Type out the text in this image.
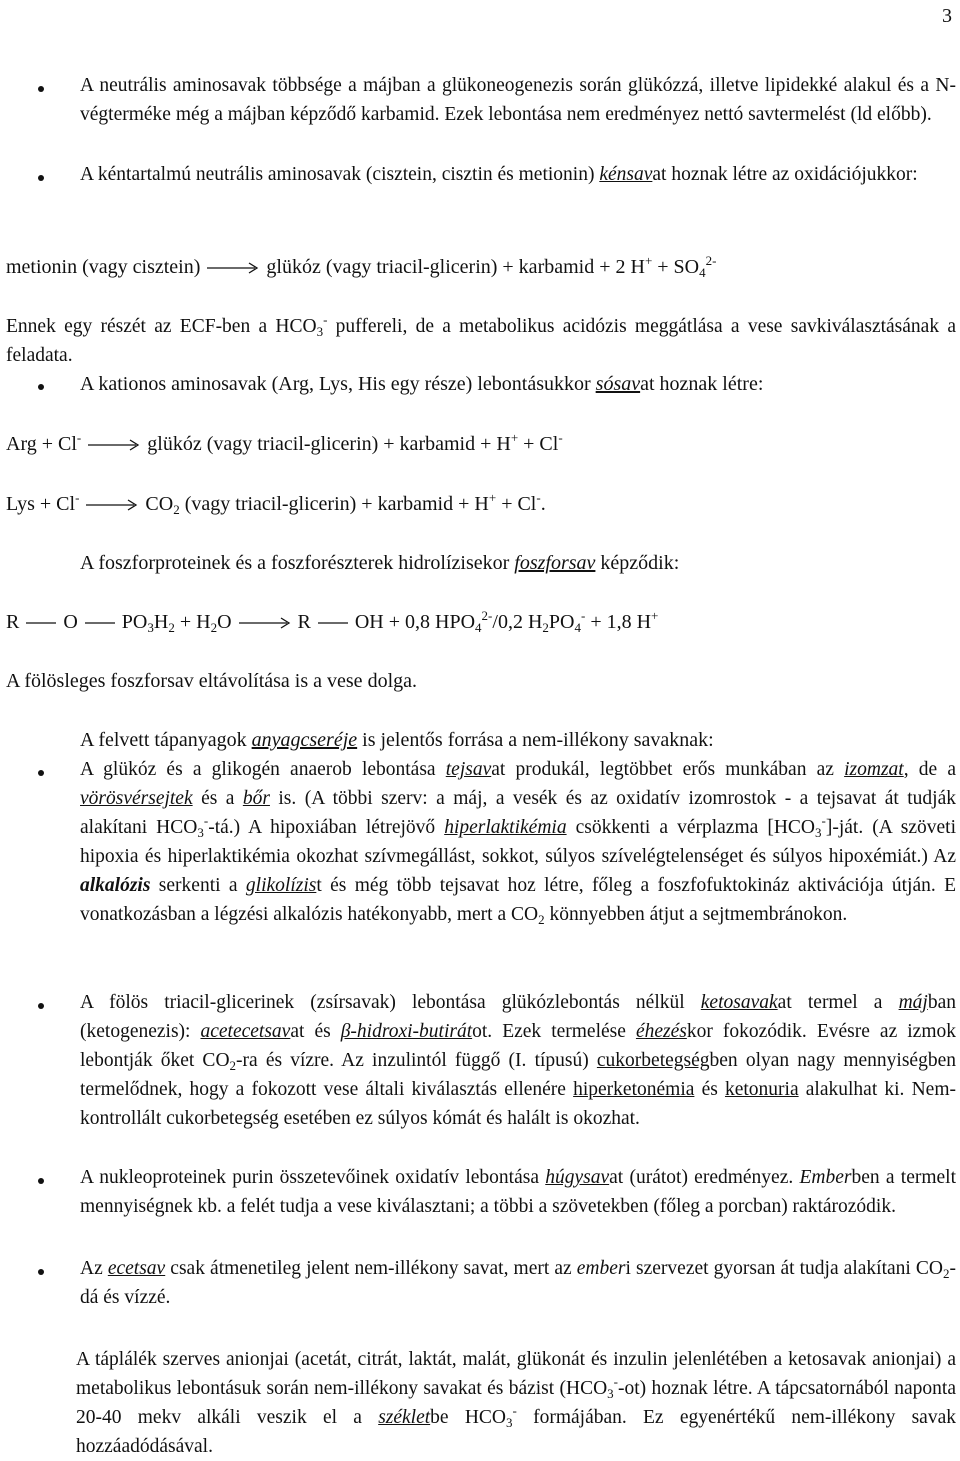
3
A neutrális aminosavak többsége a májban a glükoneogenezis során glükózzá, illetve lipidekké alakul és a N-végterméke még a májban képződő karbamid. Ezek lebontása nem eredményez nettó savtermelést (ld előbb).
A kéntartalmú neutrális aminosavak (cisztein, cisztin és metionin) kénsavat hoznak létre az oxidációjukkor:
metionin (vagy cisztein) → glükóz (vagy triacil-glicerin) + karbamid + 2 $H^+ + SO_4^{2-}$
Ennek egy részét az ECF-ben a $HCO_3^-$ puffereli, de a metabolikus acidózis meggátlása a vese savkiválasztásának a feladata.
A kationos aminosavak (Arg, Lys, His egy része) lebontásukkor sósavat hoznak létre:
Arg + Cl- → glükóz (vagy triacil-glicerin) + karbamid + H+ + Cl-
Lys + $Cl^- \to CO_2$ (vagy triacil-glicerin) + karbamid + H+ + Cl-.
A foszforproteinek és a foszforészterek hidrolízisekor foszforsav képződik:
R O $PO_3H_2 + H_2O \to R$ OH + 0,8 $HPO_4^{2-}/0,2$ $H_2PO_4^- + 1,8$ H+
A fölösleges foszforsav eltávolítása is a vese dolga.
A felvett tápanyagok anyagcseréje is jelentős forrása a nem-illékony savaknak:
A glükóz és a glikogén anaerob lebontása tejsavat produkál, legtöbbet erős munkában az izomzat, de a vörösvérsejtek és a bőr is. (A többi szerv: a máj, a vesék és az oxidatív izomrostok - a tejsavat át tudják alakítani $HCO_3^--tá$.) A hipoxiában létrejövő hiperlaktikémia csökkenti a vérplazma $[HCO_3^-]$-ját. (A szöveti hipoxia és hiperlaktikémia okozhat szívmegállást, sokkot, súlyos szívelégtelenséget és súlyos hipoxémiát.) Az alkalózis serkenti a glikolízist és még több tejsavat hoz létre, főleg a foszfofuktokináz aktivációja útján. E vonatkozásban a légzési alkalózis hatékonyabb, mert a $CO_2$ könnyebben átjut a sejtmembránokon.
A fölös triacil-glicerinek (zsírsavak) lebontása glükózlebontás nélkül ketosavakat termel a májban (ketogenezis): acetecetsavat és β-hidroxi-butirátot. Ezek termelése éhezéskor fokozódik. Evésre az izmok lebontják őket $CO_2-ra$ és vízre. Az inzulintól függő (I. típusú) cukorbetegségben olyan nagy mennyiségben termelődnek, hogy a fokozott vese általi kiválasztás ellenére hiperketonémia és ketonuria alakulhat ki. Nem-kontrollált cukorbetegség esetében ez súlyos kómát és halált is okozhat.
A nukleoproteinek purin összetevőinek oxidatív lebontása húgysavat (urátot) eredményez. Emberben a termelt mennyiségnek kb. a felét tudja a vese kiválasztani; a többi a szövetekben (főleg a porcban) raktározódik.
Az ecetsav csak átmenetileg jelent nem-illékony savat, mert az emberi szervezet gyorsan át tudja alakítani $CO_2-dá$ és vízzé.
A táplálék szerves anionjai (acetát, citrát, laktát, malát, glükonát és inzulin jelenlétében a ketosavak anionjai) a metabolikus lebontásuk során nem-illékony savakat és bázist $(HCO_3^--ot)$ hoznak létre. A tápcsatornából naponta 20-40 mekv alkáli veszik el a székletbe $HCO_3^-$ formájában. Ez egyenértékű nem-illékony savak hozzáadódásával.
